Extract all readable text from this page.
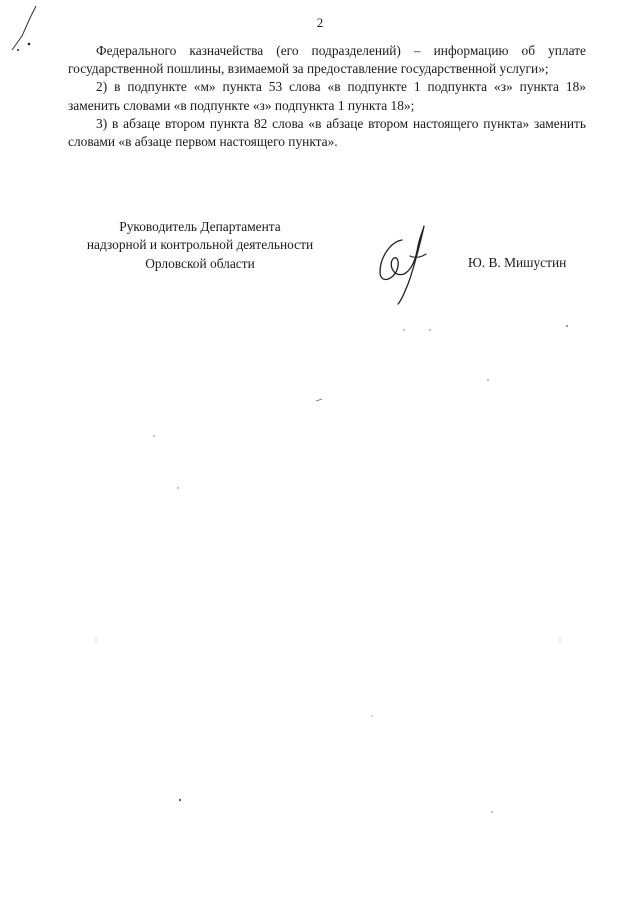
2

Федерального казначейства (его подразделений) – информацию об уплате государственной пошлины, взимаемой за предоставление государственной услуги»;

2) в подпункте «м» пункта 53 слова «в подпункте 1 подпункта «з» пункта 18» заменить словами «в подпункте «з» подпункта 1 пункта 18»;

3) в абзаце втором пункта 82 слова «в абзаце втором настоящего пункта» заменить словами «в абзаце первом настоящего пункта».

Руководитель Департамента
надзорной и контрольной деятельности
Орловской области	Ю. В. Мишустин
